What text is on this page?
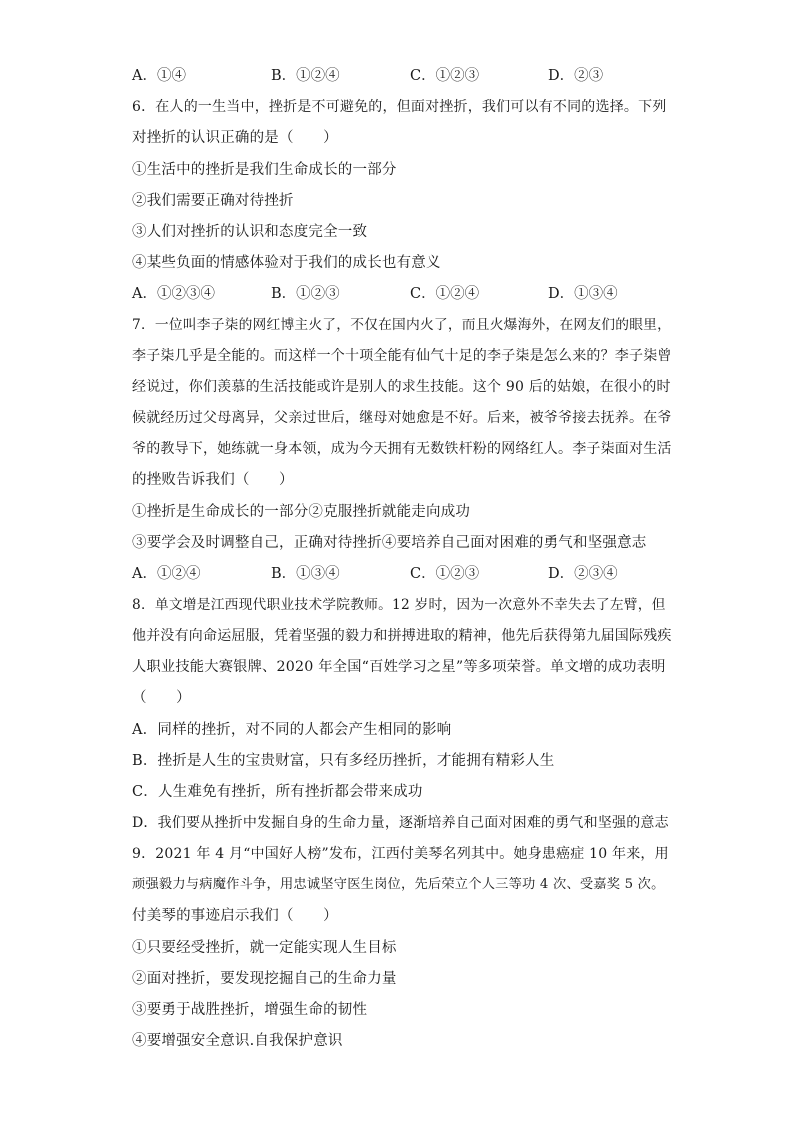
A．①④	B．①②④	C．①②③	D．②③
6．在人的一生当中，挫折是不可避免的，但面对挫折，我们可以有不同的选择。下列
对挫折的认识正确的是（　　）
①生活中的挫折是我们生命成长的一部分
②我们需要正确对待挫折
③人们对挫折的认识和态度完全一致
④某些负面的情感体验对于我们的成长也有意义
A．①②③④	B．①②③	C．①②④	D．①③④
7．一位叫李子柒的网红博主火了，不仅在国内火了，而且火爆海外，在网友们的眼里，
李子柒几乎是全能的。而这样一个十项全能有仙气十足的李子柒是怎么来的？李子柒曾
经说过，你们羡慕的生活技能或许是别人的求生技能。这个 90 后的姑娘，在很小的时
候就经历过父母离异，父亲过世后，继母对她愈是不好。后来，被爷爷接去抚养。在爷
爷的教导下，她练就一身本领，成为今天拥有无数铁杆粉的网络红人。李子柒面对生活
的挫败告诉我们（　　）
①挫折是生命成长的一部分②克服挫折就能走向成功
③要学会及时调整自己，正确对待挫折④要培养自己面对困难的勇气和坚强意志
A．①②④	B．①③④	C．①②③	D．②③④
8．单文增是江西现代职业技术学院教师。12 岁时，因为一次意外不幸失去了左臂，但
他并没有向命运屈服，凭着坚强的毅力和拼搏进取的精神，他先后获得第九届国际残疾
人职业技能大赛银牌、2020 年全国“百姓学习之星”等多项荣誉。单文增的成功表明
（　　）
A．同样的挫折，对不同的人都会产生相同的影响
B．挫折是人生的宝贵财富，只有多经历挫折，才能拥有精彩人生
C．人生难免有挫折，所有挫折都会带来成功
D．我们要从挫折中发掘自身的生命力量，逐渐培养自己面对困难的勇气和坚强的意志
9．2021 年 4 月“中国好人榜”发布，江西付美琴名列其中。她身患癌症 10 年来，用
顽强毅力与病魔作斗争，用忠诚坚守医生岗位，先后荣立个人三等功 4 次、受嘉奖 5 次。
付美琴的事迹启示我们（　　）
①只要经受挫折，就一定能实现人生目标
②面对挫折，要发现挖掘自己的生命力量
③要勇于战胜挫折，增强生命的韧性
④要增强安全意识.自我保护意识
